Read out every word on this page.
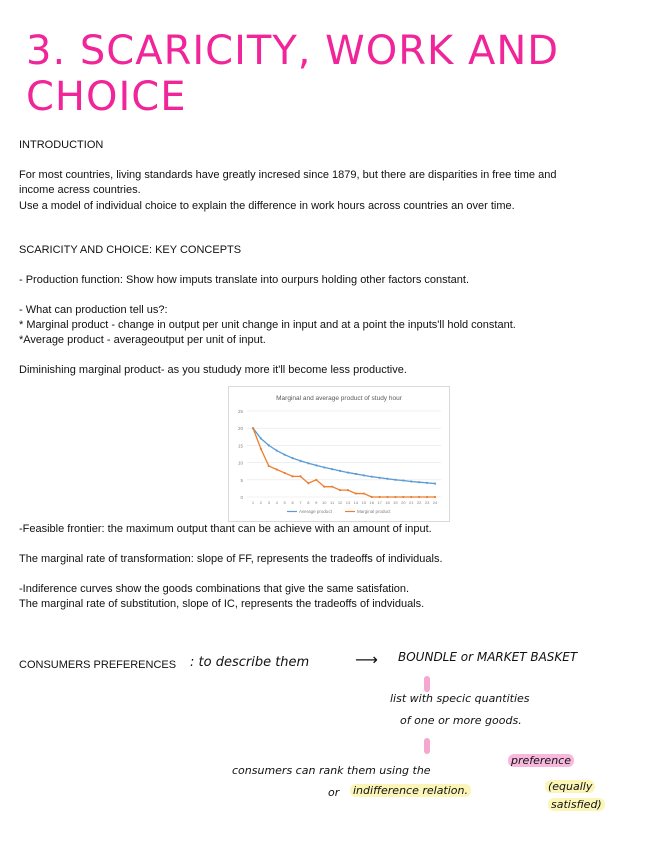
3. SCARICITY, WORK AND CHOICE

INTRODUCTION

For most countries, living standards have greatly incresed since 1879, but there are disparities in free time and

income acress countries.

Use a model of individual choice to explain the difference in work hours across countries an over time.

SCARICITY AND CHOICE: KEY CONCEPTS

- Production function: Show how imputs translate into ourpurs holding other factors constant.

- What can production tell us?:

* Marginal product - change in output per unit change in input and at a point the inputs'll hold constant.

*Average product - averageoutput per unit of input.

Diminishing marginal product- as you stududy more it'll become less productive.

Marginal and average product of study hour
0
5
10
15
20
25
1 2 3 4 5 6 7 8 9 10 11 12 13 14 15 16 17 18 19 20 21 22 23 24
Average product	Marginal product

-Feasible frontier: the maximum output thant can be achieve with an amount of input.

The marginal rate of transformation: slope of FF, represents the tradeoffs of individuals.

-Indiference curves show the goods combinations that give the same satisfation.

The marginal rate of substitution, slope of IC, represents the tradeoffs of indviduals.

CONSUMERS PREFERENCES : to describe them	⟶ BOUNDLE or MARKET BASKET
list with specic quantities
of one or more goods.
consumers can rank them using the
preference
or indifference relation.	(equally
satisfied)
